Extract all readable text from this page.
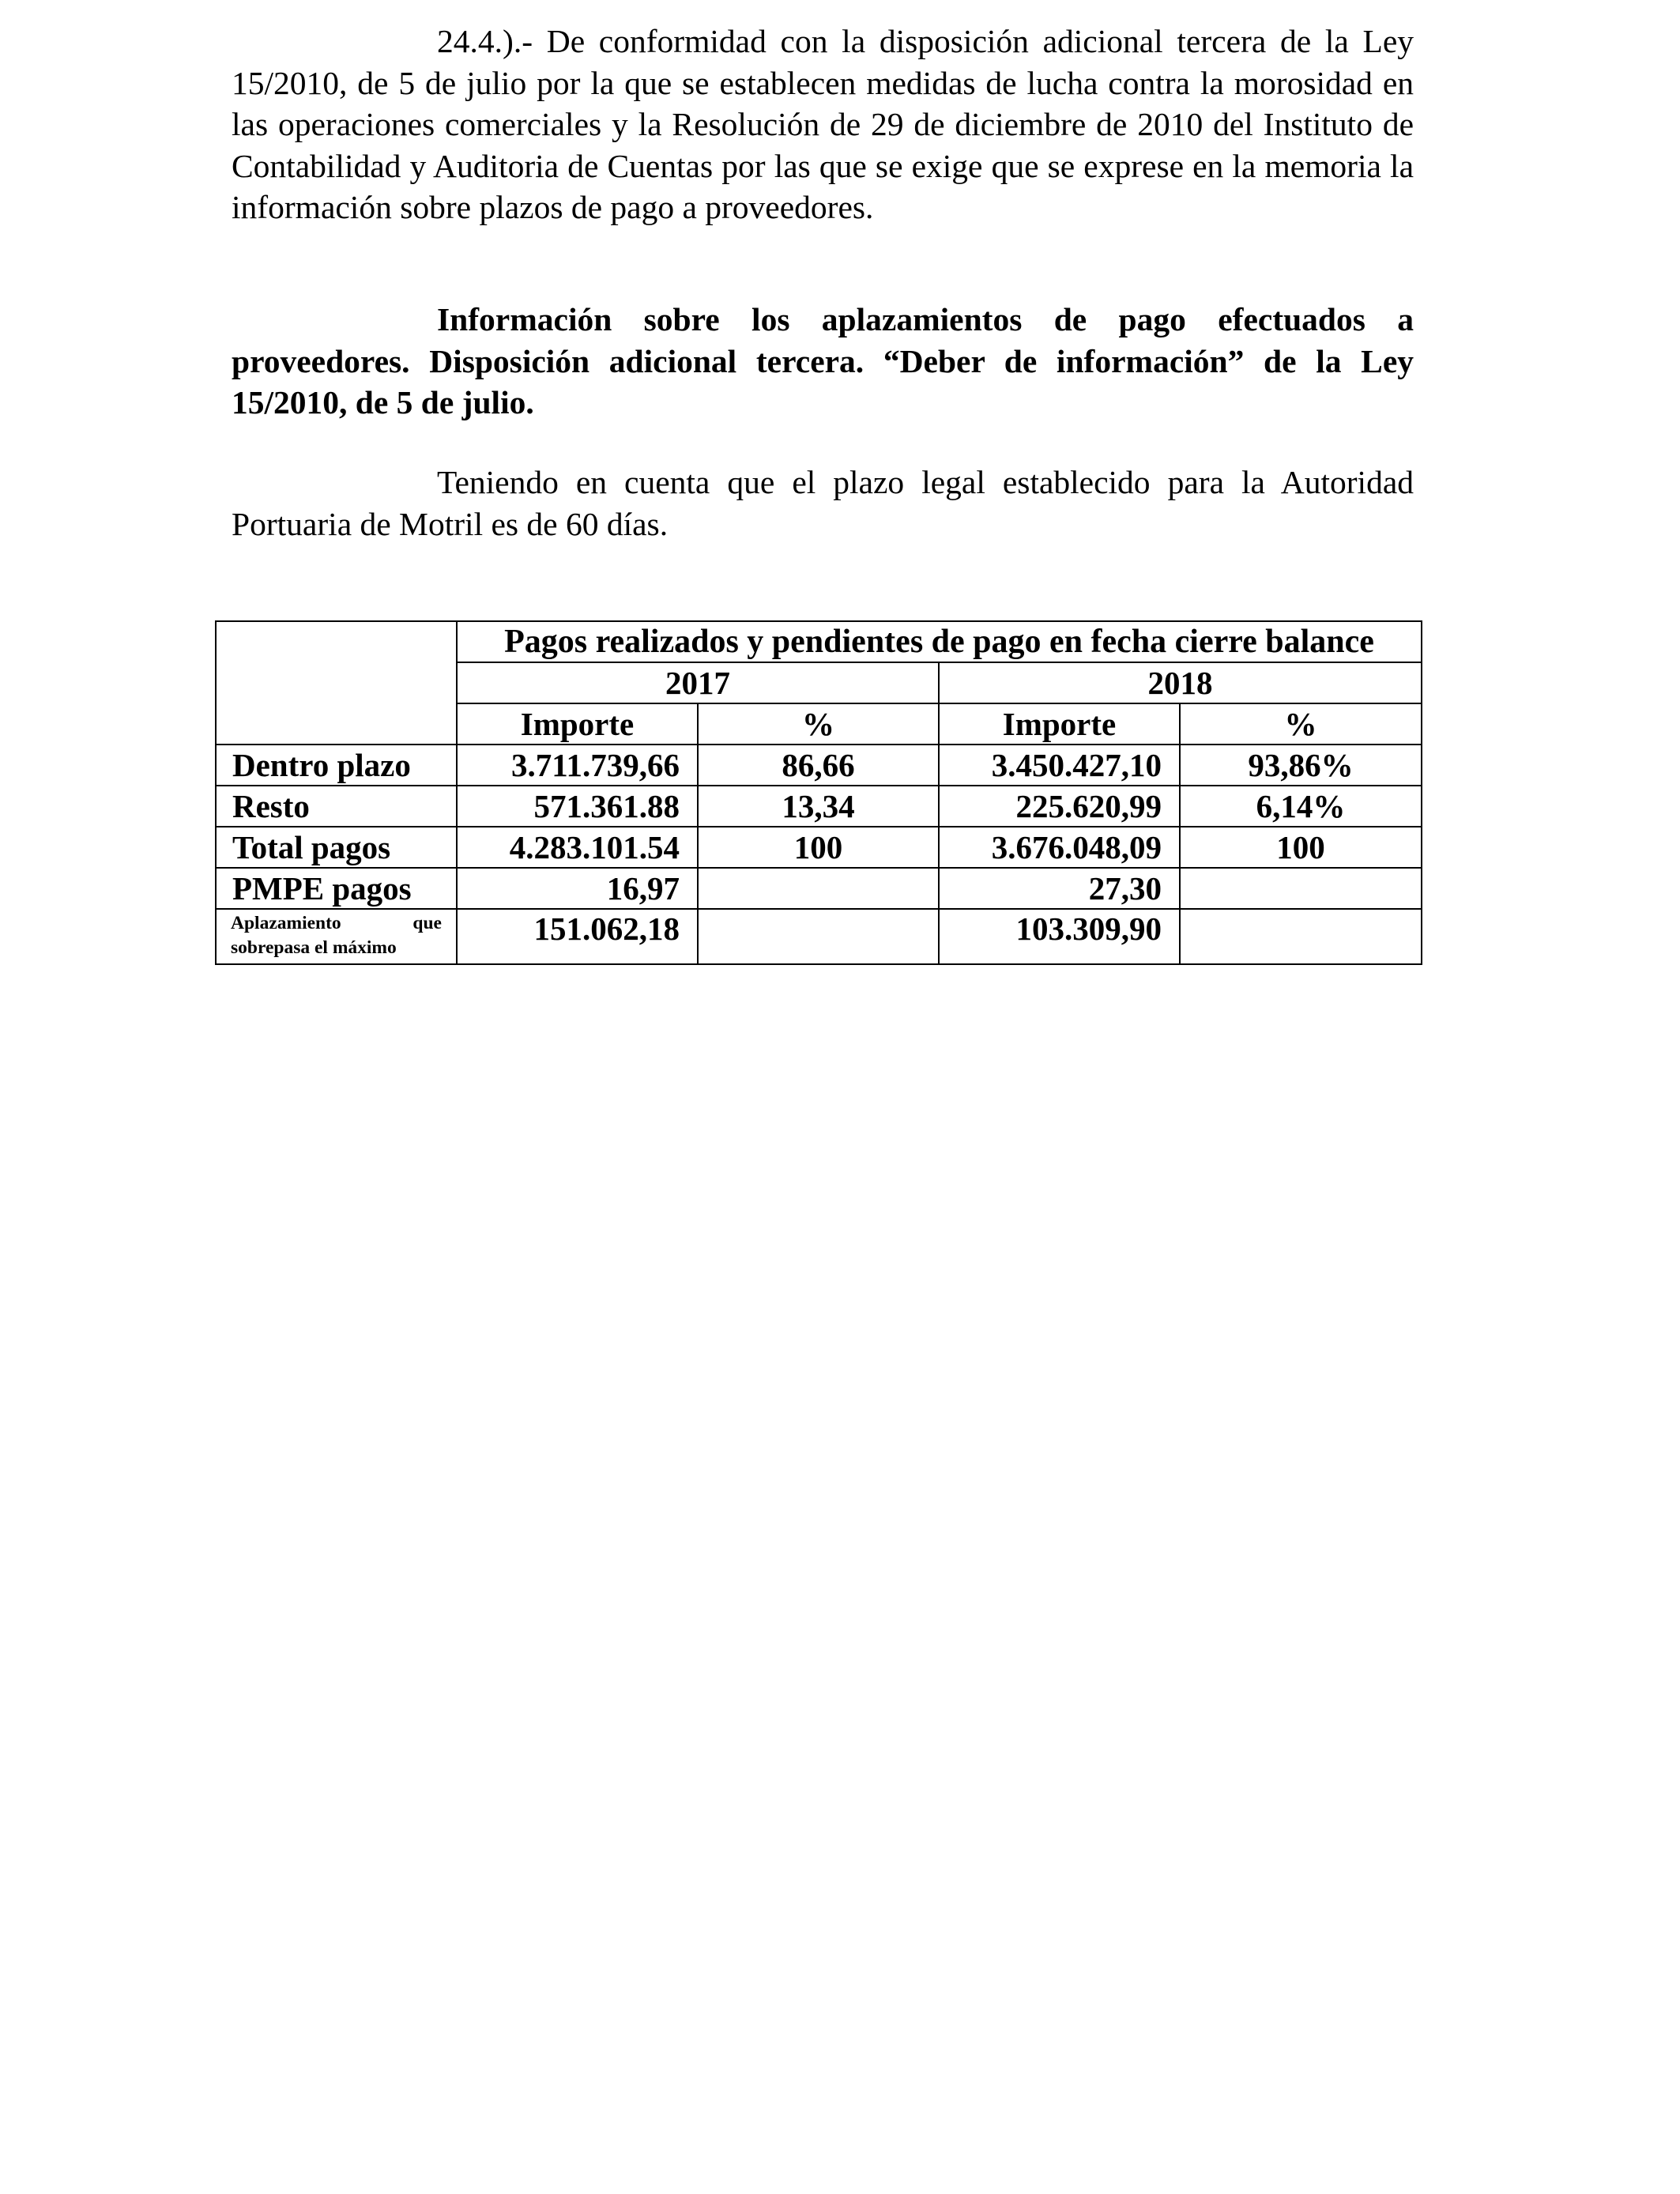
24.4.).- De conformidad con la disposición adicional tercera de la Ley 15/2010, de 5 de julio por la que se establecen medidas de lucha contra la morosidad en las operaciones comerciales y la Resolución de 29 de diciembre de 2010 del Instituto de Contabilidad y Auditoria de Cuentas por las que se exige que se exprese en la memoria la información sobre plazos de pago a proveedores.

Información sobre los aplazamientos de pago efectuados a proveedores. Disposición adicional tercera. “Deber de información” de la Ley 15/2010, de 5 de julio.

Teniendo en cuenta que el plazo legal establecido para la Autoridad Portuaria de Motril es de 60 días.

	Pagos realizados y pendientes de pago en fecha cierre balance			
	2017		2018	
	Importe	%	Importe	%
Dentro plazo	3.711.739,66	86,66	3.450.427,10	93,86%
Resto	571.361.88	13,34	225.620,99	6,14%
Total pagos	4.283.101.54	100	3.676.048,09	100
PMPE pagos	16,97		27,30	

Aplazamiento que
sobrepasa el máximo	151.062,18		103.309,90	
